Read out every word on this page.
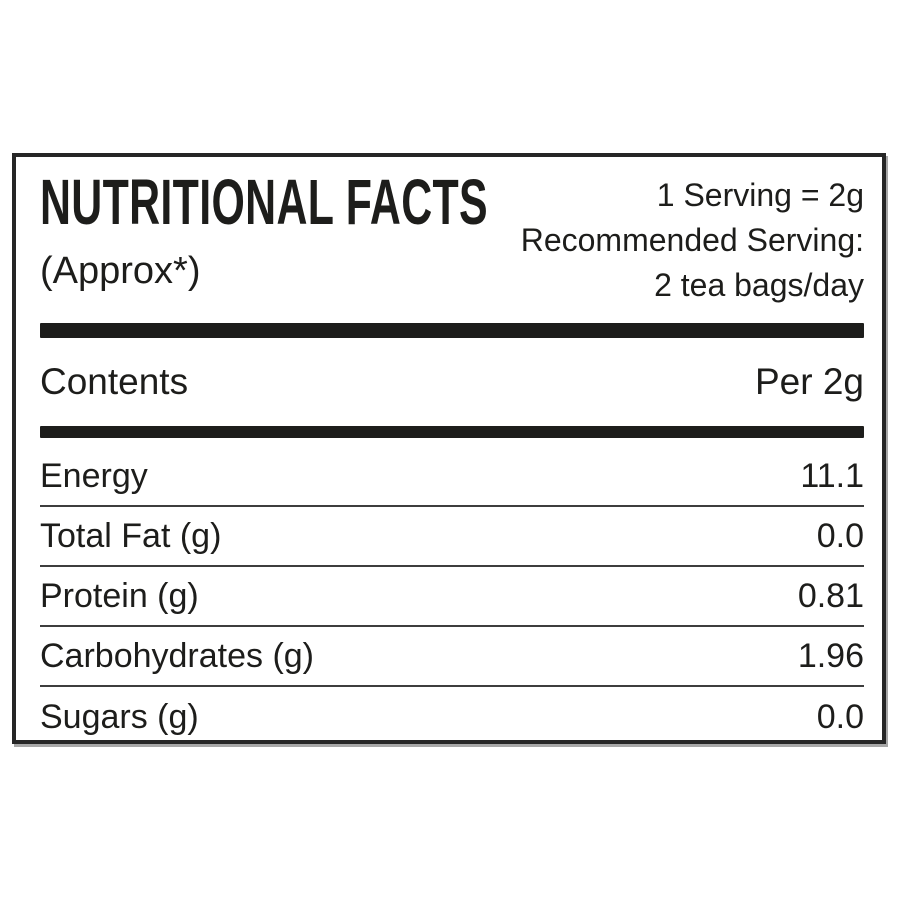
NUTRITIONAL FACTS
(Approx*)
1 Serving = 2g
Recommended Serving:
2 tea bags/day
Contents	Per 2g
Energy	11.1
Total Fat (g)	0.0
Protein (g)	0.81
Carbohydrates (g)	1.96
Sugars (g)	0.0
